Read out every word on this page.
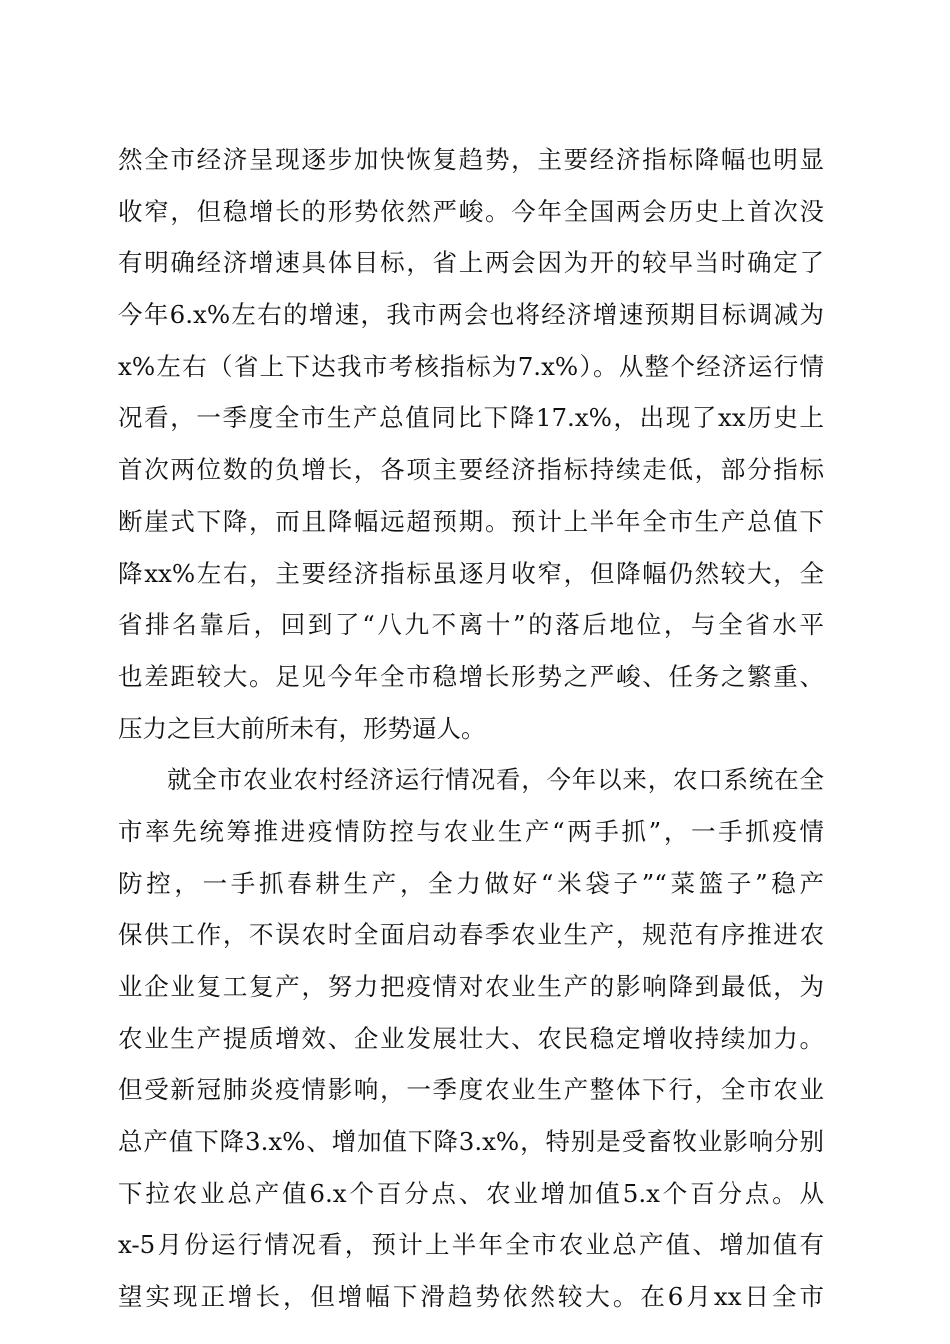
然全市经济呈现逐步加快恢复趋势，主要经济指标降幅也明显
收窄，但稳增长的形势依然严峻。今年全国两会历史上首次没
有明确经济增速具体目标，省上两会因为开的较早当时确定了
今年6.x%左右的增速，我市两会也将经济增速预期目标调减为
x%左右（省上下达我市考核指标为7.x%）。从整个经济运行情
况看，一季度全市生产总值同比下降17.x%，出现了xx历史上
首次两位数的负增长，各项主要经济指标持续走低，部分指标
断崖式下降，而且降幅远超预期。预计上半年全市生产总值下
降xx%左右，主要经济指标虽逐月收窄，但降幅仍然较大，全
省排名靠后，回到了“八九不离十”的落后地位，与全省水平
也差距较大。足见今年全市稳增长形势之严峻、任务之繁重、
压力之巨大前所未有，形势逼人。
就全市农业农村经济运行情况看，今年以来，农口系统在全
市率先统筹推进疫情防控与农业生产“两手抓”，一手抓疫情
防控，一手抓春耕生产，全力做好“米袋子”“菜篮子”稳产
保供工作，不误农时全面启动春季农业生产，规范有序推进农
业企业复工复产，努力把疫情对农业生产的影响降到最低，为
农业生产提质增效、企业发展壮大、农民稳定增收持续加力。
但受新冠肺炎疫情影响，一季度农业生产整体下行，全市农业
总产值下降3.x%、增加值下降3.x%，特别是受畜牧业影响分别
下拉农业总产值6.x个百分点、农业增加值5.x个百分点。从
x-5月份运行情况看，预计上半年全市农业总产值、增加值有
望实现正增长，但增幅下滑趋势依然较大。在6月xx日全市
